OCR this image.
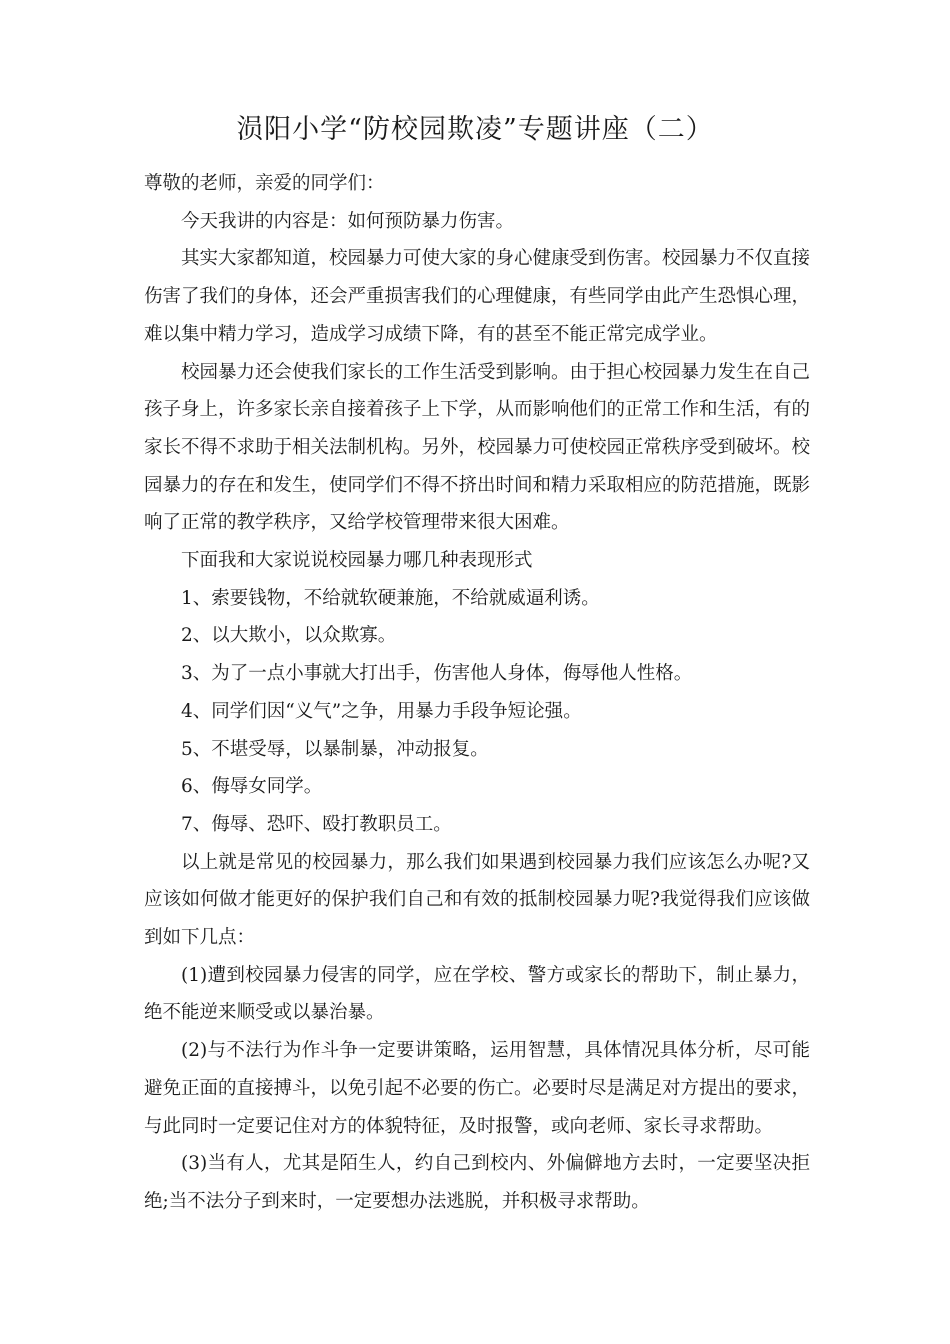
涢阳小学“防校园欺凌”专题讲座（二）

尊敬的老师，亲爱的同学们：

今天我讲的内容是：如何预防暴力伤害。

其实大家都知道，校园暴力可使大家的身心健康受到伤害。校园暴力不仅直接伤害了我们的身体，还会严重损害我们的心理健康，有些同学由此产生恐惧心理，难以集中精力学习，造成学习成绩下降，有的甚至不能正常完成学业。

校园暴力还会使我们家长的工作生活受到影响。由于担心校园暴力发生在自己孩子身上，许多家长亲自接着孩子上下学，从而影响他们的正常工作和生活，有的家长不得不求助于相关法制机构。另外，校园暴力可使校园正常秩序受到破坏。校园暴力的存在和发生，使同学们不得不挤出时间和精力采取相应的防范措施，既影响了正常的教学秩序，又给学校管理带来很大困难。

下面我和大家说说校园暴力哪几种表现形式

1、索要钱物，不给就软硬兼施，不给就威逼利诱。

2、以大欺小，以众欺寡。

3、为了一点小事就大打出手，伤害他人身体，侮辱他人性格。

4、同学们因“义气”之争，用暴力手段争短论强。

5、不堪受辱，以暴制暴，冲动报复。

6、侮辱女同学。

7、侮辱、恐吓、殴打教职员工。

以上就是常见的校园暴力，那么我们如果遇到校园暴力我们应该怎么办呢?又应该如何做才能更好的保护我们自己和有效的抵制校园暴力呢?我觉得我们应该做到如下几点：

(1)遭到校园暴力侵害的同学，应在学校、警方或家长的帮助下，制止暴力，绝不能逆来顺受或以暴治暴。

(2)与不法行为作斗争一定要讲策略，运用智慧，具体情况具体分析，尽可能避免正面的直接搏斗，以免引起不必要的伤亡。必要时尽是满足对方提出的要求，与此同时一定要记住对方的体貌特征，及时报警，或向老师、家长寻求帮助。

(3)当有人，尤其是陌生人，约自己到校内、外偏僻地方去时，一定要坚决拒绝;当不法分子到来时，一定要想办法逃脱，并积极寻求帮助。
